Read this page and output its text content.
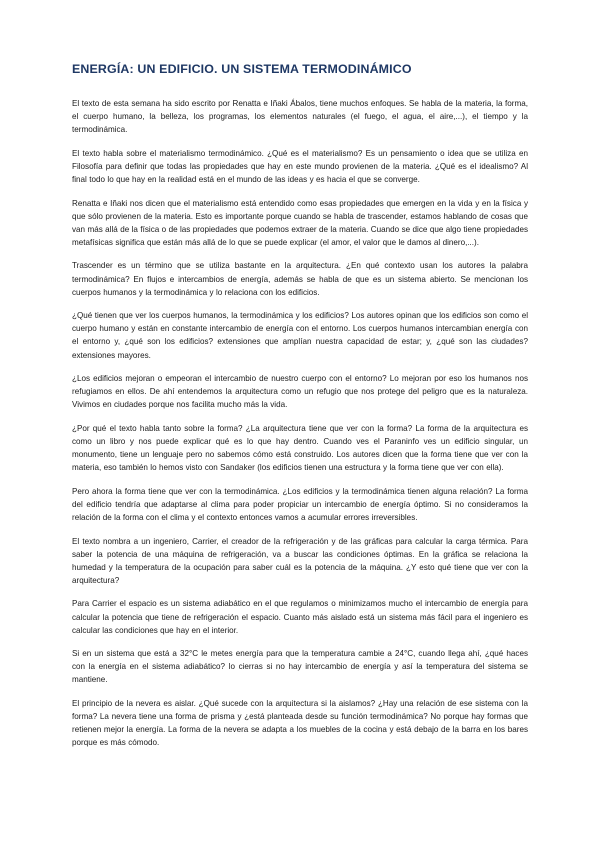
ENERGÍA: UN EDIFICIO. UN SISTEMA TERMODINÁMICO

El texto de esta semana ha sido escrito por Renatta e Iñaki Ábalos, tiene muchos enfoques. Se habla de la materia, la forma, el cuerpo humano, la belleza, los programas, los elementos naturales (el fuego, el agua, el aire,...), el tiempo y la termodinámica.

El texto habla sobre el materialismo termodinámico. ¿Qué es el materialismo? Es un pensamiento o idea que se utiliza en Filosofía para definir que todas las propiedades que hay en este mundo provienen de la materia. ¿Qué es el idealismo? Al final todo lo que hay en la realidad está en el mundo de las ideas y es hacia el que se converge.

Renatta e Iñaki nos dicen que el materialismo está entendido como esas propiedades que emergen en la vida y en la física y que sólo provienen de la materia. Esto es importante porque cuando se habla de trascender, estamos hablando de cosas que van más allá de la física o de las propiedades que podemos extraer de la materia. Cuando se dice que algo tiene propiedades metafísicas significa que están más allá de lo que se puede explicar (el amor, el valor que le damos al dinero,...).

Trascender es un término que se utiliza bastante en la arquitectura. ¿En qué contexto usan los autores la palabra termodinámica? En flujos e intercambios de energía, además se habla de que es un sistema abierto. Se mencionan los cuerpos humanos y la termodinámica y lo relaciona con los edificios.

¿Qué tienen que ver los cuerpos humanos, la termodinámica y los edificios? Los autores opinan que los edificios son como el cuerpo humano y están en constante intercambio de energía con el entorno. Los cuerpos humanos intercambian energía con el entorno y, ¿qué son los edificios? extensiones que amplían nuestra capacidad de estar; y, ¿qué son las ciudades? extensiones mayores.

¿Los edificios mejoran o empeoran el intercambio de nuestro cuerpo con el entorno? Lo mejoran por eso los humanos nos refugiamos en ellos. De ahí entendemos la arquitectura como un refugio que nos protege del peligro que es la naturaleza. Vivimos en ciudades porque nos facilita mucho más la vida.

¿Por qué el texto habla tanto sobre la forma? ¿La arquitectura tiene que ver con la forma? La forma de la arquitectura es como un libro y nos puede explicar qué es lo que hay dentro. Cuando ves el Paraninfo ves un edificio singular, un monumento, tiene un lenguaje pero no sabemos cómo está construido. Los autores dicen que la forma tiene que ver con la materia, eso también lo hemos visto con Sandaker (los edificios tienen una estructura y la forma tiene que ver con ella).

Pero ahora la forma tiene que ver con la termodinámica. ¿Los edificios y la termodinámica tienen alguna relación? La forma del edificio tendría que adaptarse al clima para poder propiciar un intercambio de energía óptimo. Si no consideramos la relación de la forma con el clima y el contexto entonces vamos a acumular errores irreversibles.

El texto nombra a un ingeniero, Carrier, el creador de la refrigeración y de las gráficas para calcular la carga térmica. Para saber la potencia de una máquina de refrigeración, va a buscar las condiciones óptimas. En la gráfica se relaciona la humedad y la temperatura de la ocupación para saber cuál es la potencia de la máquina. ¿Y esto qué tiene que ver con la arquitectura?

Para Carrier el espacio es un sistema adiabático en el que regulamos o minimizamos mucho el intercambio de energía para calcular la potencia que tiene de refrigeración el espacio. Cuanto más aislado está un sistema más fácil para el ingeniero es calcular las condiciones que hay en el interior.

Si en un sistema que está a 32°C le metes energía para que la temperatura cambie a 24°C, cuando llega ahí, ¿qué haces con la energía en el sistema adiabático? lo cierras si no hay intercambio de energía y así la temperatura del sistema se mantiene.

El principio de la nevera es aislar. ¿Qué sucede con la arquitectura si la aislamos? ¿Hay una relación de ese sistema con la forma? La nevera tiene una forma de prisma y ¿está planteada desde su función termodinámica? No porque hay formas que retienen mejor la energía. La forma de la nevera se adapta a los muebles de la cocina y está debajo de la barra en los bares porque es más cómodo.
